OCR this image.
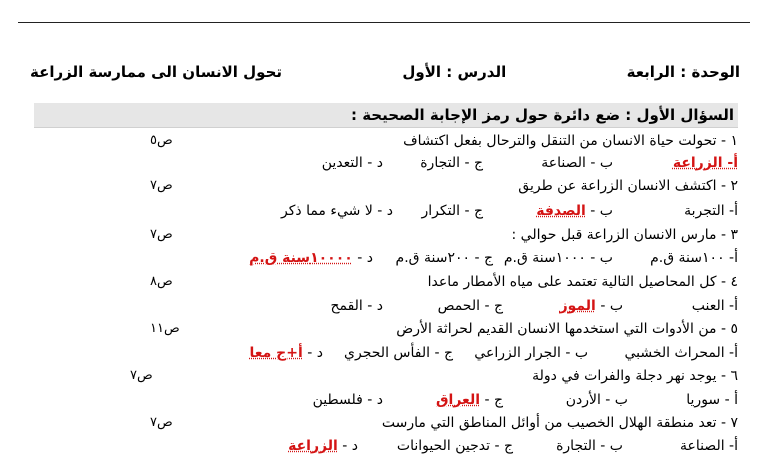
الوحدة : الرابعة
الدرس : الأول
تحول الانسان الى ممارسة الزراعة
السؤال الأول : ضع دائرة حول رمز الإجابة الصحيحة :
١ - تحولت حياة الانسان من التنقل والترحال بفعل اكتشاف
ص٥
أ- الزراعة
ب - الصناعة
ج - التجارة
د - التعدين
٢ - اكتشف الانسان الزراعة عن طريق
ص٧
أ- التجربة
ب - الصدفة
ج - التكرار
د - لا شيء مما ذكر
٣ - مارس الانسان الزراعة قبل حوالي :
ص٧
أ- ١٠٠سنة ق.م
ب - ١٠٠٠سنة ق.م
ج - ٢٠٠سنة ق.م
د - ١٠٠٠٠سنة ق.م
٤ - كل المحاصيل التالية تعتمد على مياه الأمطار ماعدا
ص٨
أ- العنب
ب - الموز
ج - الحمص
د - القمح
٥ - من الأدوات التي استخدمها الانسان القديم لحراثة الأرض
ص١١
أ- المحراث الخشبي
ب - الجرار الزراعي
ج - الفأس الحجري
د - أ+ج معا
٦ - يوجد نهر دجلة والفرات في دولة
ص٧
أ - سوريا
ب - الأردن
ج - العراق
د - فلسطين
٧ - تعد منطقة الهلال الخصيب من أوائل المناطق التي مارست
ص٧
أ- الصناعة
ب - التجارة
ج - تدجين الحيوانات
د - الزراعة
